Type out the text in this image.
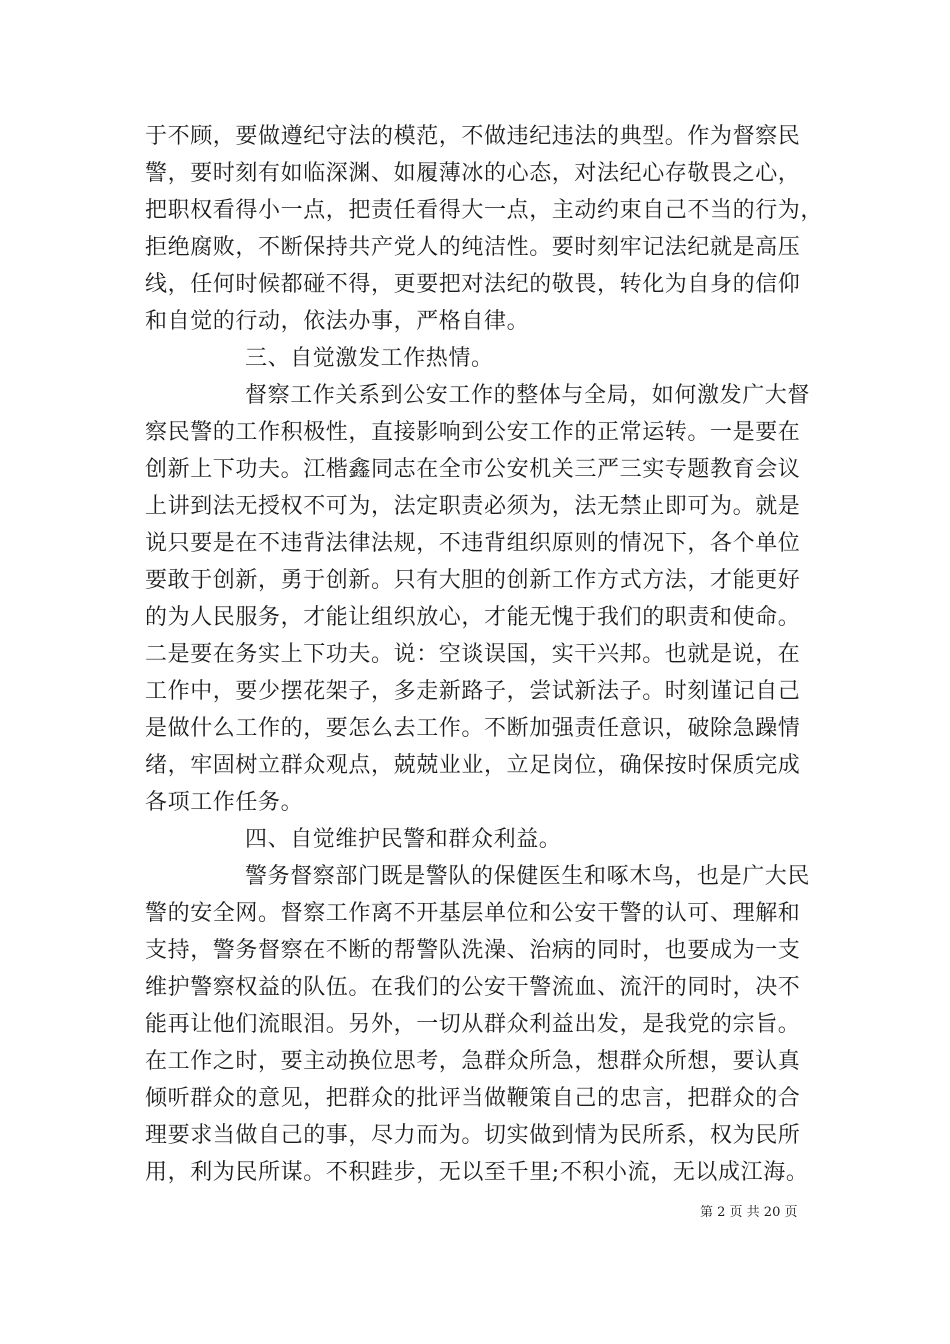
于不顾，要做遵纪守法的模范，不做违纪违法的典型。作为督察民
警，要时刻有如临深渊、如履薄冰的心态，对法纪心存敬畏之心，
把职权看得小一点，把责任看得大一点，主动约束自己不当的行为，
拒绝腐败，不断保持共产党人的纯洁性。要时刻牢记法纪就是高压
线，任何时候都碰不得，更要把对法纪的敬畏，转化为自身的信仰
和自觉的行动，依法办事，严格自律。
三、自觉激发工作热情。
督察工作关系到公安工作的整体与全局，如何激发广大督
察民警的工作积极性，直接影响到公安工作的正常运转。一是要在
创新上下功夫。江楷鑫同志在全市公安机关三严三实专题教育会议
上讲到法无授权不可为，法定职责必须为，法无禁止即可为。就是
说只要是在不违背法律法规，不违背组织原则的情况下，各个单位
要敢于创新，勇于创新。只有大胆的创新工作方式方法，才能更好
的为人民服务，才能让组织放心，才能无愧于我们的职责和使命。
二是要在务实上下功夫。说：空谈误国，实干兴邦。也就是说，在
工作中，要少摆花架子，多走新路子，尝试新法子。时刻谨记自己
是做什么工作的，要怎么去工作。不断加强责任意识，破除急躁情
绪，牢固树立群众观点，兢兢业业，立足岗位，确保按时保质完成
各项工作任务。
四、自觉维护民警和群众利益。
警务督察部门既是警队的保健医生和啄木鸟，也是广大民
警的安全网。督察工作离不开基层单位和公安干警的认可、理解和
支持，警务督察在不断的帮警队洗澡、治病的同时，也要成为一支
维护警察权益的队伍。在我们的公安干警流血、流汗的同时，决不
能再让他们流眼泪。另外，一切从群众利益出发，是我党的宗旨。
在工作之时，要主动换位思考，急群众所急，想群众所想，要认真
倾听群众的意见，把群众的批评当做鞭策自己的忠言，把群众的合
理要求当做自己的事，尽力而为。切实做到情为民所系，权为民所
用，利为民所谋。不积跬步，无以至千里;不积小流，无以成江海。
第 2 页 共 20 页
